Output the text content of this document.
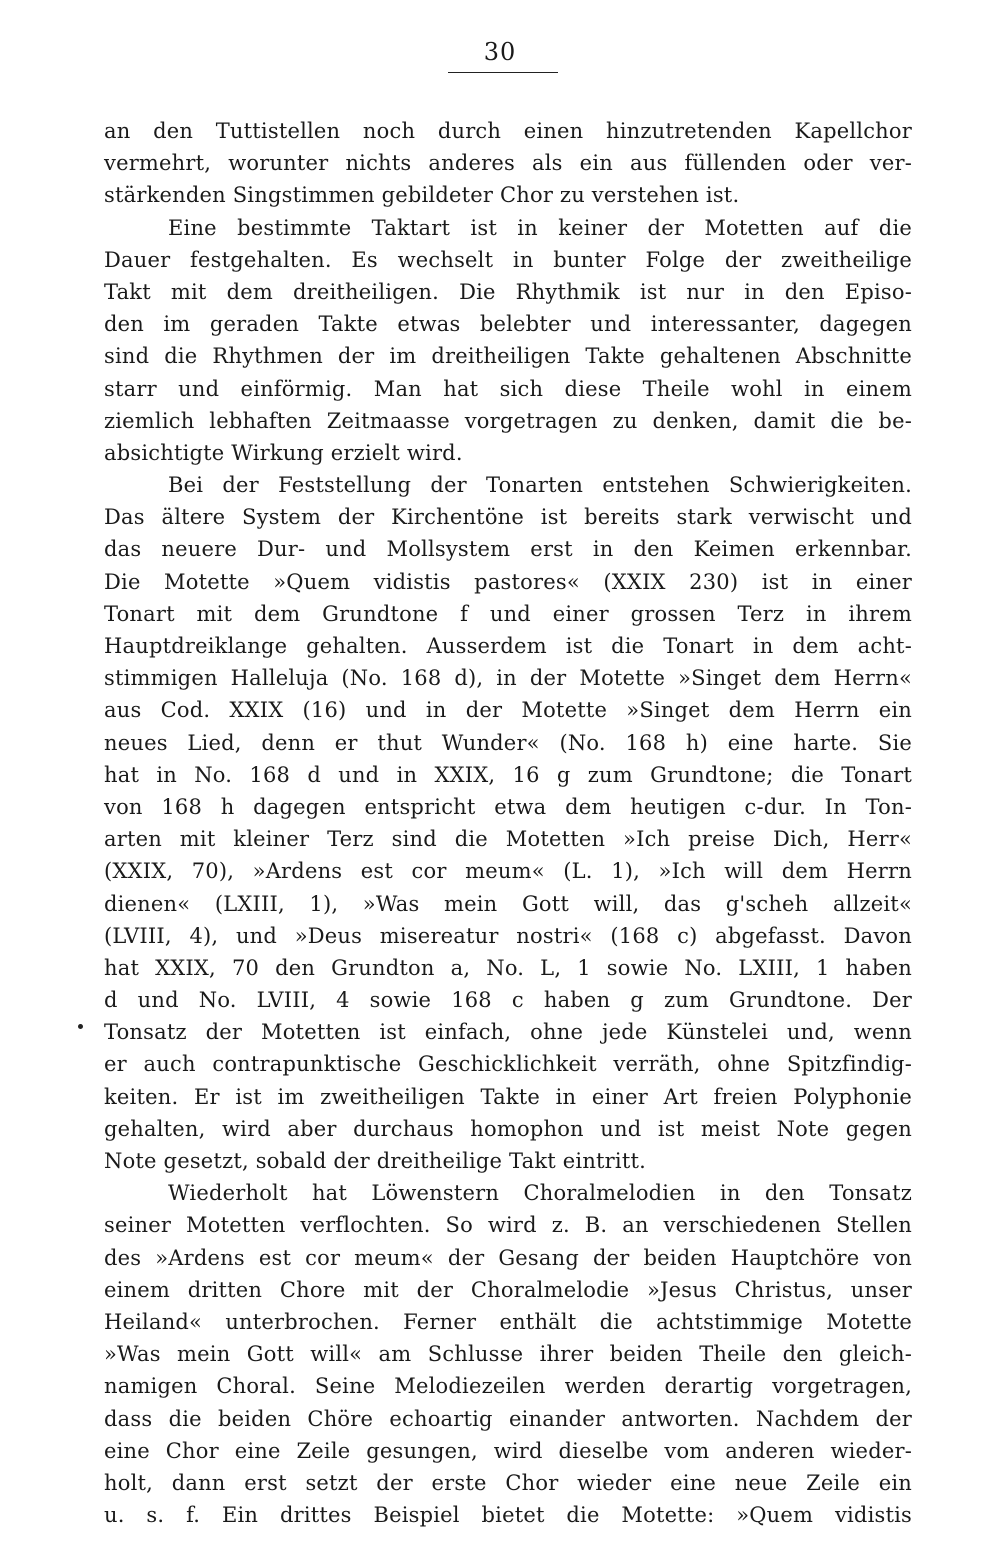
30
an den Tuttistellen noch durch einen hinzutretenden Kapellchor
vermehrt, worunter nichts anderes als ein aus füllenden oder ver-
stärkenden Singstimmen gebildeter Chor zu verstehen ist.
Eine bestimmte Taktart ist in keiner der Motetten auf die
Dauer festgehalten. Es wechselt in bunter Folge der zweitheilige
Takt mit dem dreitheiligen. Die Rhythmik ist nur in den Episo-
den im geraden Takte etwas belebter und interessanter, dagegen
sind die Rhythmen der im dreitheiligen Takte gehaltenen Abschnitte
starr und einförmig. Man hat sich diese Theile wohl in einem
ziemlich lebhaften Zeitmaasse vorgetragen zu denken, damit die be-
absichtigte Wirkung erzielt wird.
Bei der Feststellung der Tonarten entstehen Schwierigkeiten.
Das ältere System der Kirchentöne ist bereits stark verwischt und
das neuere Dur- und Mollsystem erst in den Keimen erkennbar.
Die Motette »Quem vidistis pastores« (XXIX 230) ist in einer
Tonart mit dem Grundtone f und einer grossen Terz in ihrem
Hauptdreiklange gehalten. Ausserdem ist die Tonart in dem acht-
stimmigen Halleluja (No. 168 d), in der Motette »Singet dem Herrn«
aus Cod. XXIX (16) und in der Motette »Singet dem Herrn ein
neues Lied, denn er thut Wunder« (No. 168 h) eine harte. Sie
hat in No. 168 d und in XXIX, 16 g zum Grundtone; die Tonart
von 168 h dagegen entspricht etwa dem heutigen c-dur. In Ton-
arten mit kleiner Terz sind die Motetten »Ich preise Dich, Herr«
(XXIX, 70), »Ardens est cor meum« (L. 1), »Ich will dem Herrn
dienen« (LXIII, 1), »Was mein Gott will, das g'scheh allzeit«
(LVIII, 4), und »Deus misereatur nostri« (168 c) abgefasst. Davon
hat XXIX, 70 den Grundton a, No. L, 1 sowie No. LXIII, 1 haben
d und No. LVIII, 4 sowie 168 c haben g zum Grundtone. Der
Tonsatz der Motetten ist einfach, ohne jede Künstelei und, wenn
er auch contrapunktische Geschicklichkeit verräth, ohne Spitzfindig-
keiten. Er ist im zweitheiligen Takte in einer Art freien Polyphonie
gehalten, wird aber durchaus homophon und ist meist Note gegen
Note gesetzt, sobald der dreitheilige Takt eintritt.
Wiederholt hat Löwenstern Choralmelodien in den Tonsatz
seiner Motetten verflochten. So wird z. B. an verschiedenen Stellen
des »Ardens est cor meum« der Gesang der beiden Hauptchöre von
einem dritten Chore mit der Choralmelodie »Jesus Christus, unser
Heiland« unterbrochen. Ferner enthält die achtstimmige Motette
»Was mein Gott will« am Schlusse ihrer beiden Theile den gleich-
namigen Choral. Seine Melodiezeilen werden derartig vorgetragen,
dass die beiden Chöre echoartig einander antworten. Nachdem der
eine Chor eine Zeile gesungen, wird dieselbe vom anderen wieder-
holt, dann erst setzt der erste Chor wieder eine neue Zeile ein
u. s. f. Ein drittes Beispiel bietet die Motette: »Quem vidistis
